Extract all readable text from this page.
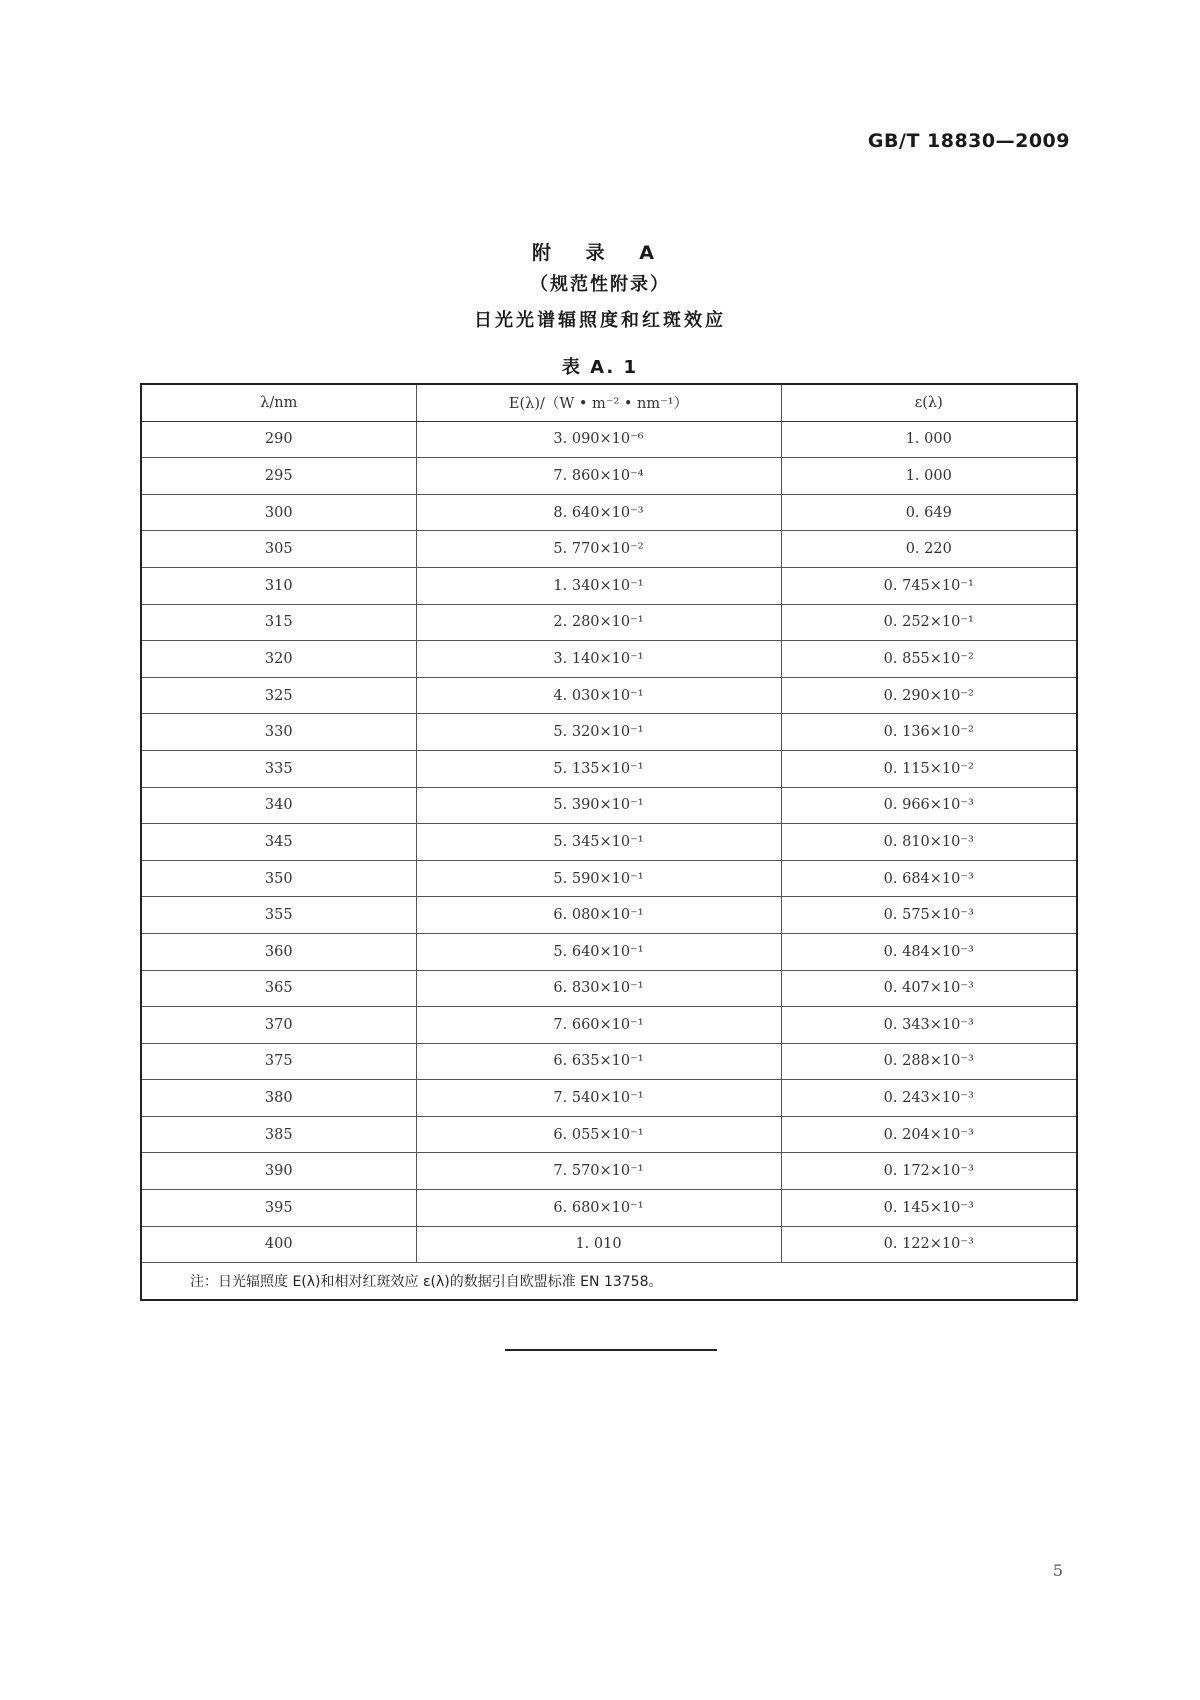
GB/T 18830—2009
附 录 A
（规范性附录）
日光光谱辐照度和红斑效应
表 A. 1
λ/nm	E(λ)/（W • m⁻² • nm⁻¹）	ε(λ)
290	3. 090×10⁻⁶	1. 000
295	7. 860×10⁻⁴	1. 000
300	8. 640×10⁻³	0. 649
305	5. 770×10⁻²	0. 220
310	1. 340×10⁻¹	0. 745×10⁻¹
315	2. 280×10⁻¹	0. 252×10⁻¹
320	3. 140×10⁻¹	0. 855×10⁻²
325	4. 030×10⁻¹	0. 290×10⁻²
330	5. 320×10⁻¹	0. 136×10⁻²
335	5. 135×10⁻¹	0. 115×10⁻²
340	5. 390×10⁻¹	0. 966×10⁻³
345	5. 345×10⁻¹	0. 810×10⁻³
350	5. 590×10⁻¹	0. 684×10⁻³
355	6. 080×10⁻¹	0. 575×10⁻³
360	5. 640×10⁻¹	0. 484×10⁻³
365	6. 830×10⁻¹	0. 407×10⁻³
370	7. 660×10⁻¹	0. 343×10⁻³
375	6. 635×10⁻¹	0. 288×10⁻³
380	7. 540×10⁻¹	0. 243×10⁻³
385	6. 055×10⁻¹	0. 204×10⁻³
390	7. 570×10⁻¹	0. 172×10⁻³
395	6. 680×10⁻¹	0. 145×10⁻³
400	1. 010	0. 122×10⁻³
注：日光辐照度 E(λ)和相对红斑效应 ε(λ)的数据引自欧盟标准 EN 13758。		
5
